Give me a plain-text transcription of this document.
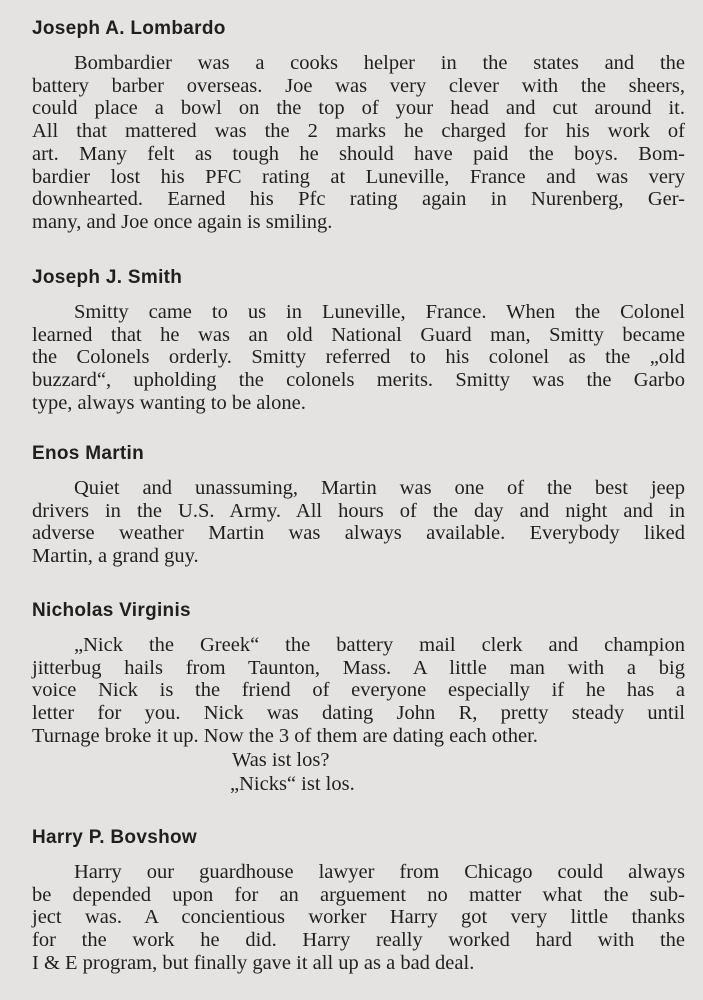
Joseph A. Lombardo
Bombardier was a cooks helper in the states and the
battery barber overseas. Joe was very clever with the sheers,
could place a bowl on the top of your head and cut around it.
All that mattered was the 2 marks he charged for his work of
art. Many felt as tough he should have paid the boys. Bom-
bardier lost his PFC rating at Luneville, France and was very
downhearted. Earned his Pfc rating again in Nurenberg, Ger-
many, and Joe once again is smiling.
Joseph J. Smith
Smitty came to us in Luneville, France. When the Colonel
learned that he was an old National Guard man, Smitty became
the Colonels orderly. Smitty referred to his colonel as the „old
buzzard“, upholding the colonels merits. Smitty was the Garbo
type, always wanting to be alone.
Enos Martin
Quiet and unassuming, Martin was one of the best jeep
drivers in the U.S. Army. All hours of the day and night and in
adverse weather Martin was always available. Everybody liked
Martin, a grand guy.
Nicholas Virginis
„Nick the Greek“ the battery mail clerk and champion
jitterbug hails from Taunton, Mass. A little man with a big
voice Nick is the friend of everyone especially if he has a
letter for you. Nick was dating John R, pretty steady until
Turnage broke it up. Now the 3 of them are dating each other.
Was ist los?
„Nicks“ ist los.
Harry P. Bovshow
Harry our guardhouse lawyer from Chicago could always
be depended upon for an arguement no matter what the sub-
ject was. A concientious worker Harry got very little thanks
for the work he did. Harry really worked hard with the
I & E program, but finally gave it all up as a bad deal.
